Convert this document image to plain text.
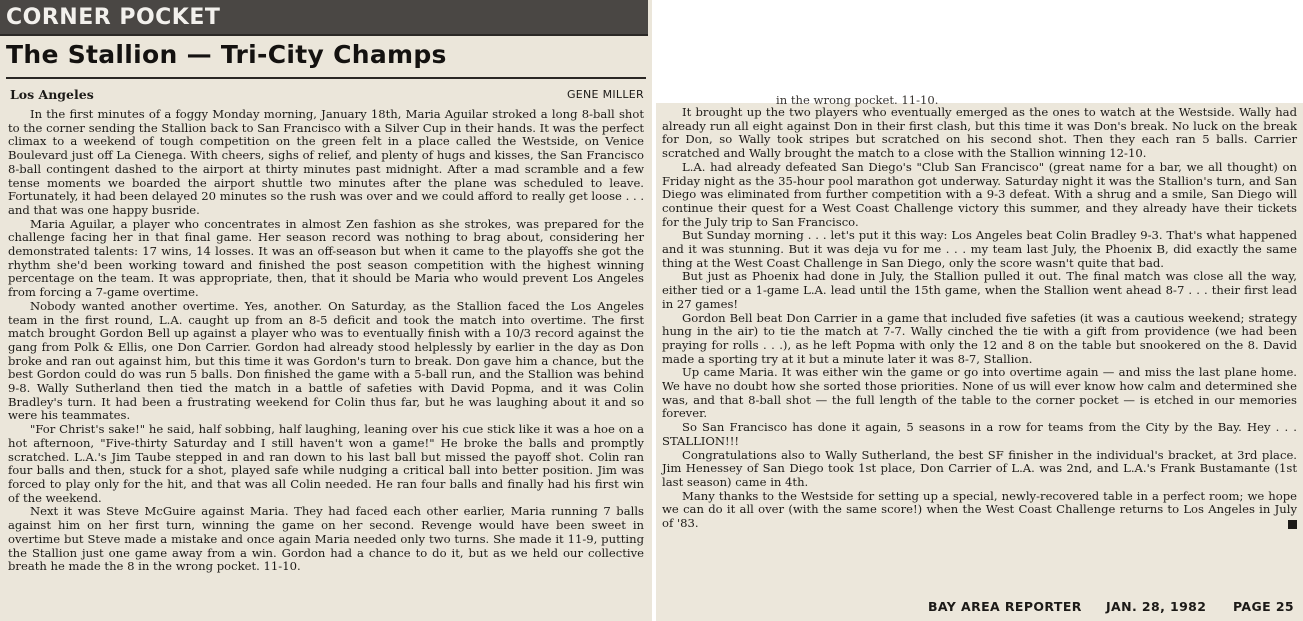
CORNER POCKET
The Stallion — Tri-City Champs
Los Angeles	GENE MILLER

In the first minutes of a foggy Monday morning, January 18th, Maria Aguilar stroked a long 8-ball shot to the corner sending the Stallion back to San Francisco with a Silver Cup in their hands. It was the perfect climax to a weekend of tough competition on the green felt in a place called the Westside, on Venice Boulevard just off La Cienega. With cheers, sighs of relief, and plenty of hugs and kisses, the San Francisco 8-ball contingent dashed to the airport at thirty minutes past midnight. After a mad scramble and a few tense moments we boarded the airport shuttle two minutes after the plane was scheduled to leave. Fortunately, it had been delayed 20 minutes so the rush was over and we could afford to really get loose . . . and that was one happy busride.

Maria Aguilar, a player who concentrates in almost Zen fashion as she strokes, was prepared for the challenge facing her in that final game. Her season record was nothing to brag about, considering her demonstrated talents: 17 wins, 14 losses. It was an off-season but when it came to the playoffs she got the rhythm she'd been working toward and finished the post season competition with the highest winning percentage on the team. It was appropriate, then, that it should be Maria who would prevent Los Angeles from forcing a 7-game overtime.

Nobody wanted another overtime. Yes, another. On Saturday, as the Stallion faced the Los Angeles team in the first round, L.A. caught up from an 8-5 deficit and took the match into overtime. The first match brought Gordon Bell up against a player who was to eventually finish with a 10/3 record against the gang from Polk & Ellis, one Don Carrier. Gordon had already stood helplessly by earlier in the day as Don broke and ran out against him, but this time it was Gordon's turn to break. Don gave him a chance, but the best Gordon could do was run 5 balls. Don finished the game with a 5-ball run, and the Stallion was behind 9-8. Wally Sutherland then tied the match in a battle of safeties with David Popma, and it was Colin Bradley's turn. It had been a frustrating weekend for Colin thus far, but he was laughing about it and so were his teammates.

"For Christ's sake!" he said, half sobbing, half laughing, leaning over his cue stick like it was a hoe on a hot afternoon, "Five-thirty Saturday and I still haven't won a game!" He broke the balls and promptly scratched. L.A.'s Jim Taube stepped in and ran down to his last ball but missed the payoff shot. Colin ran four balls and then, stuck for a shot, played safe while nudging a critical ball into better position. Jim was forced to play only for the hit, and that was all Colin needed. He ran four balls and finally had his first win of the weekend.

Next it was Steve McGuire against Maria. They had faced each other earlier, Maria running 7 balls against him on her first turn, winning the game on her second. Revenge would have been sweet in overtime but Steve made a mistake and once again Maria needed only two turns. She made it 11-9, putting the Stallion just one game away from a win. Gordon had a chance to do it, but as we held our collective breath he made the 8 in the wrong pocket. 11-10.

in the wrong pocket. 11-10.

It brought up the two players who eventually emerged as the ones to watch at the Westside. Wally had already run all eight against Don in their first clash, but this time it was Don's break. No luck on the break for Don, so Wally took stripes but scratched on his second shot. Then they each ran 5 balls. Carrier scratched and Wally brought the match to a close with the Stallion winning 12-10.

L.A. had already defeated San Diego's "Club San Francisco" (great name for a bar, we all thought) on Friday night as the 35-hour pool marathon got underway. Saturday night it was the Stallion's turn, and San Diego was eliminated from further competition with a 9-3 defeat. With a shrug and a smile, San Diego will continue their quest for a West Coast Challenge victory this summer, and they already have their tickets for the July trip to San Francisco.

But Sunday morning . . . let's put it this way: Los Angeles beat Colin Bradley 9-3. That's what happened and it was stunning. But it was deja vu for me . . . my team last July, the Phoenix B, did exactly the same thing at the West Coast Challenge in San Diego, only the score wasn't quite that bad.

But just as Phoenix had done in July, the Stallion pulled it out. The final match was close all the way, either tied or a 1-game L.A. lead until the 15th game, when the Stallion went ahead 8-7 . . . their first lead in 27 games!

Gordon Bell beat Don Carrier in a game that included five safeties (it was a cautious weekend; strategy hung in the air) to tie the match at 7-7. Wally cinched the tie with a gift from providence (we had been praying for rolls . . .), as he left Popma with only the 12 and 8 on the table but snookered on the 8. David made a sporting try at it but a minute later it was 8-7, Stallion.

Up came Maria. It was either win the game or go into overtime again — and miss the last plane home. We have no doubt how she sorted those priorities. None of us will ever know how calm and determined she was, and that 8-ball shot — the full length of the table to the corner pocket — is etched in our memories forever.

So San Francisco has done it again, 5 seasons in a row for teams from the City by the Bay. Hey . . . STALLION!!!

Congratulations also to Wally Sutherland, the best SF finisher in the individual's bracket, at 3rd place. Jim Henessey of San Diego took 1st place, Don Carrier of L.A. was 2nd, and L.A.'s Frank Bustamante (1st last season) came in 4th.

Many thanks to the Westside for setting up a special, newly-recovered table in a perfect room; we hope we can do it all over (with the same score!) when the West Coast Challenge returns to Los Angeles in July of '83.

BAY AREA REPORTER JAN. 28, 1982 PAGE 25
